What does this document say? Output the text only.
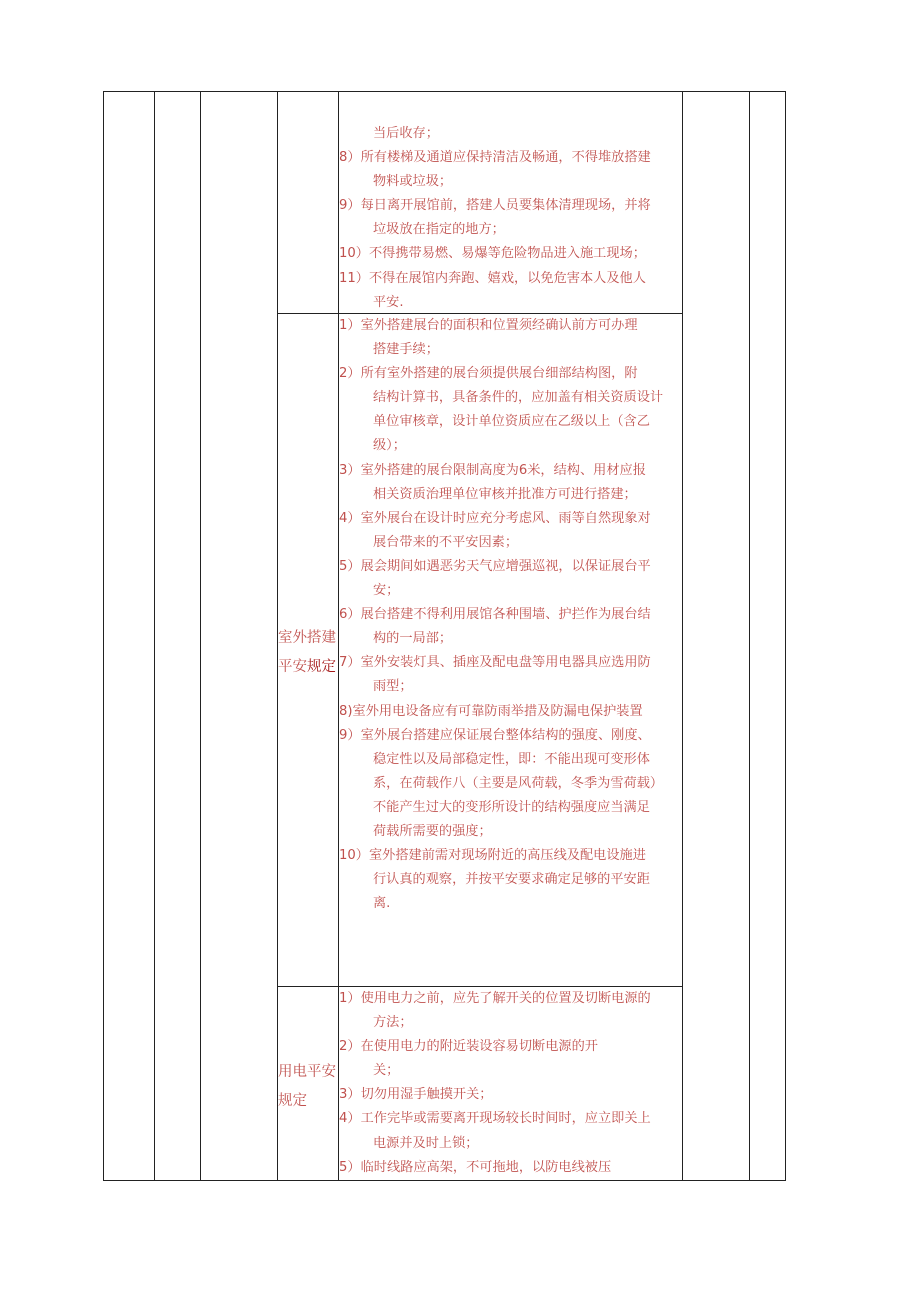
当后收存；
8）所有楼梯及通道应保持清洁及畅通，不得堆放搭建
物料或垃圾；
9）每日离开展馆前，搭建人员要集体清理现场，并将
垃圾放在指定的地方；
10）不得携带易燃、易爆等危险物品进入施工现场；
11）不得在展馆内奔跑、嬉戏，以免危害本人及他人
平安.
室外搭建
平安规定
1）室外搭建展台的面积和位置须经确认前方可办理
搭建手续；
2）所有室外搭建的展台须提供展台细部结构图，附
结构计算书，具备条件的，应加盖有相关资质设计
单位审核章，设计单位资质应在乙级以上（含乙
级）；
3）室外搭建的展台限制高度为6米，结构、用材应报
相关资质治理单位审核并批准方可进行搭建；
4）室外展台在设计时应充分考虑风、雨等自然现象对
展台带来的不平安因素；
5）展会期间如遇恶劣天气应增强巡视，以保证展台平
安；
6）展台搭建不得利用展馆各种围墙、护拦作为展台结
构的一局部；
7）室外安装灯具、插座及配电盘等用电器具应选用防
雨型；
8)室外用电设备应有可靠防雨举措及防漏电保护装置
9）室外展台搭建应保证展台整体结构的强度、刚度、
稳定性以及局部稳定性，即：不能出现可变形体
系，在荷载作八（主要是风荷载，冬季为雪荷载）
不能产生过大的变形所设计的结构强度应当满足
荷载所需要的强度；
10）室外搭建前需对现场附近的高压线及配电设施进
行认真的观察，并按平安要求确定足够的平安距
离.
用电平安
规定
1）使用电力之前，应先了解开关的位置及切断电源的
方法；
2）在使用电力的附近装设容易切断电源的开
关；
3）切勿用湿手触摸开关；
4）工作完毕或需要离开现场较长时间时，应立即关上
电源并及时上锁；
5）临时线路应高架，不可拖地，以防电线被压
